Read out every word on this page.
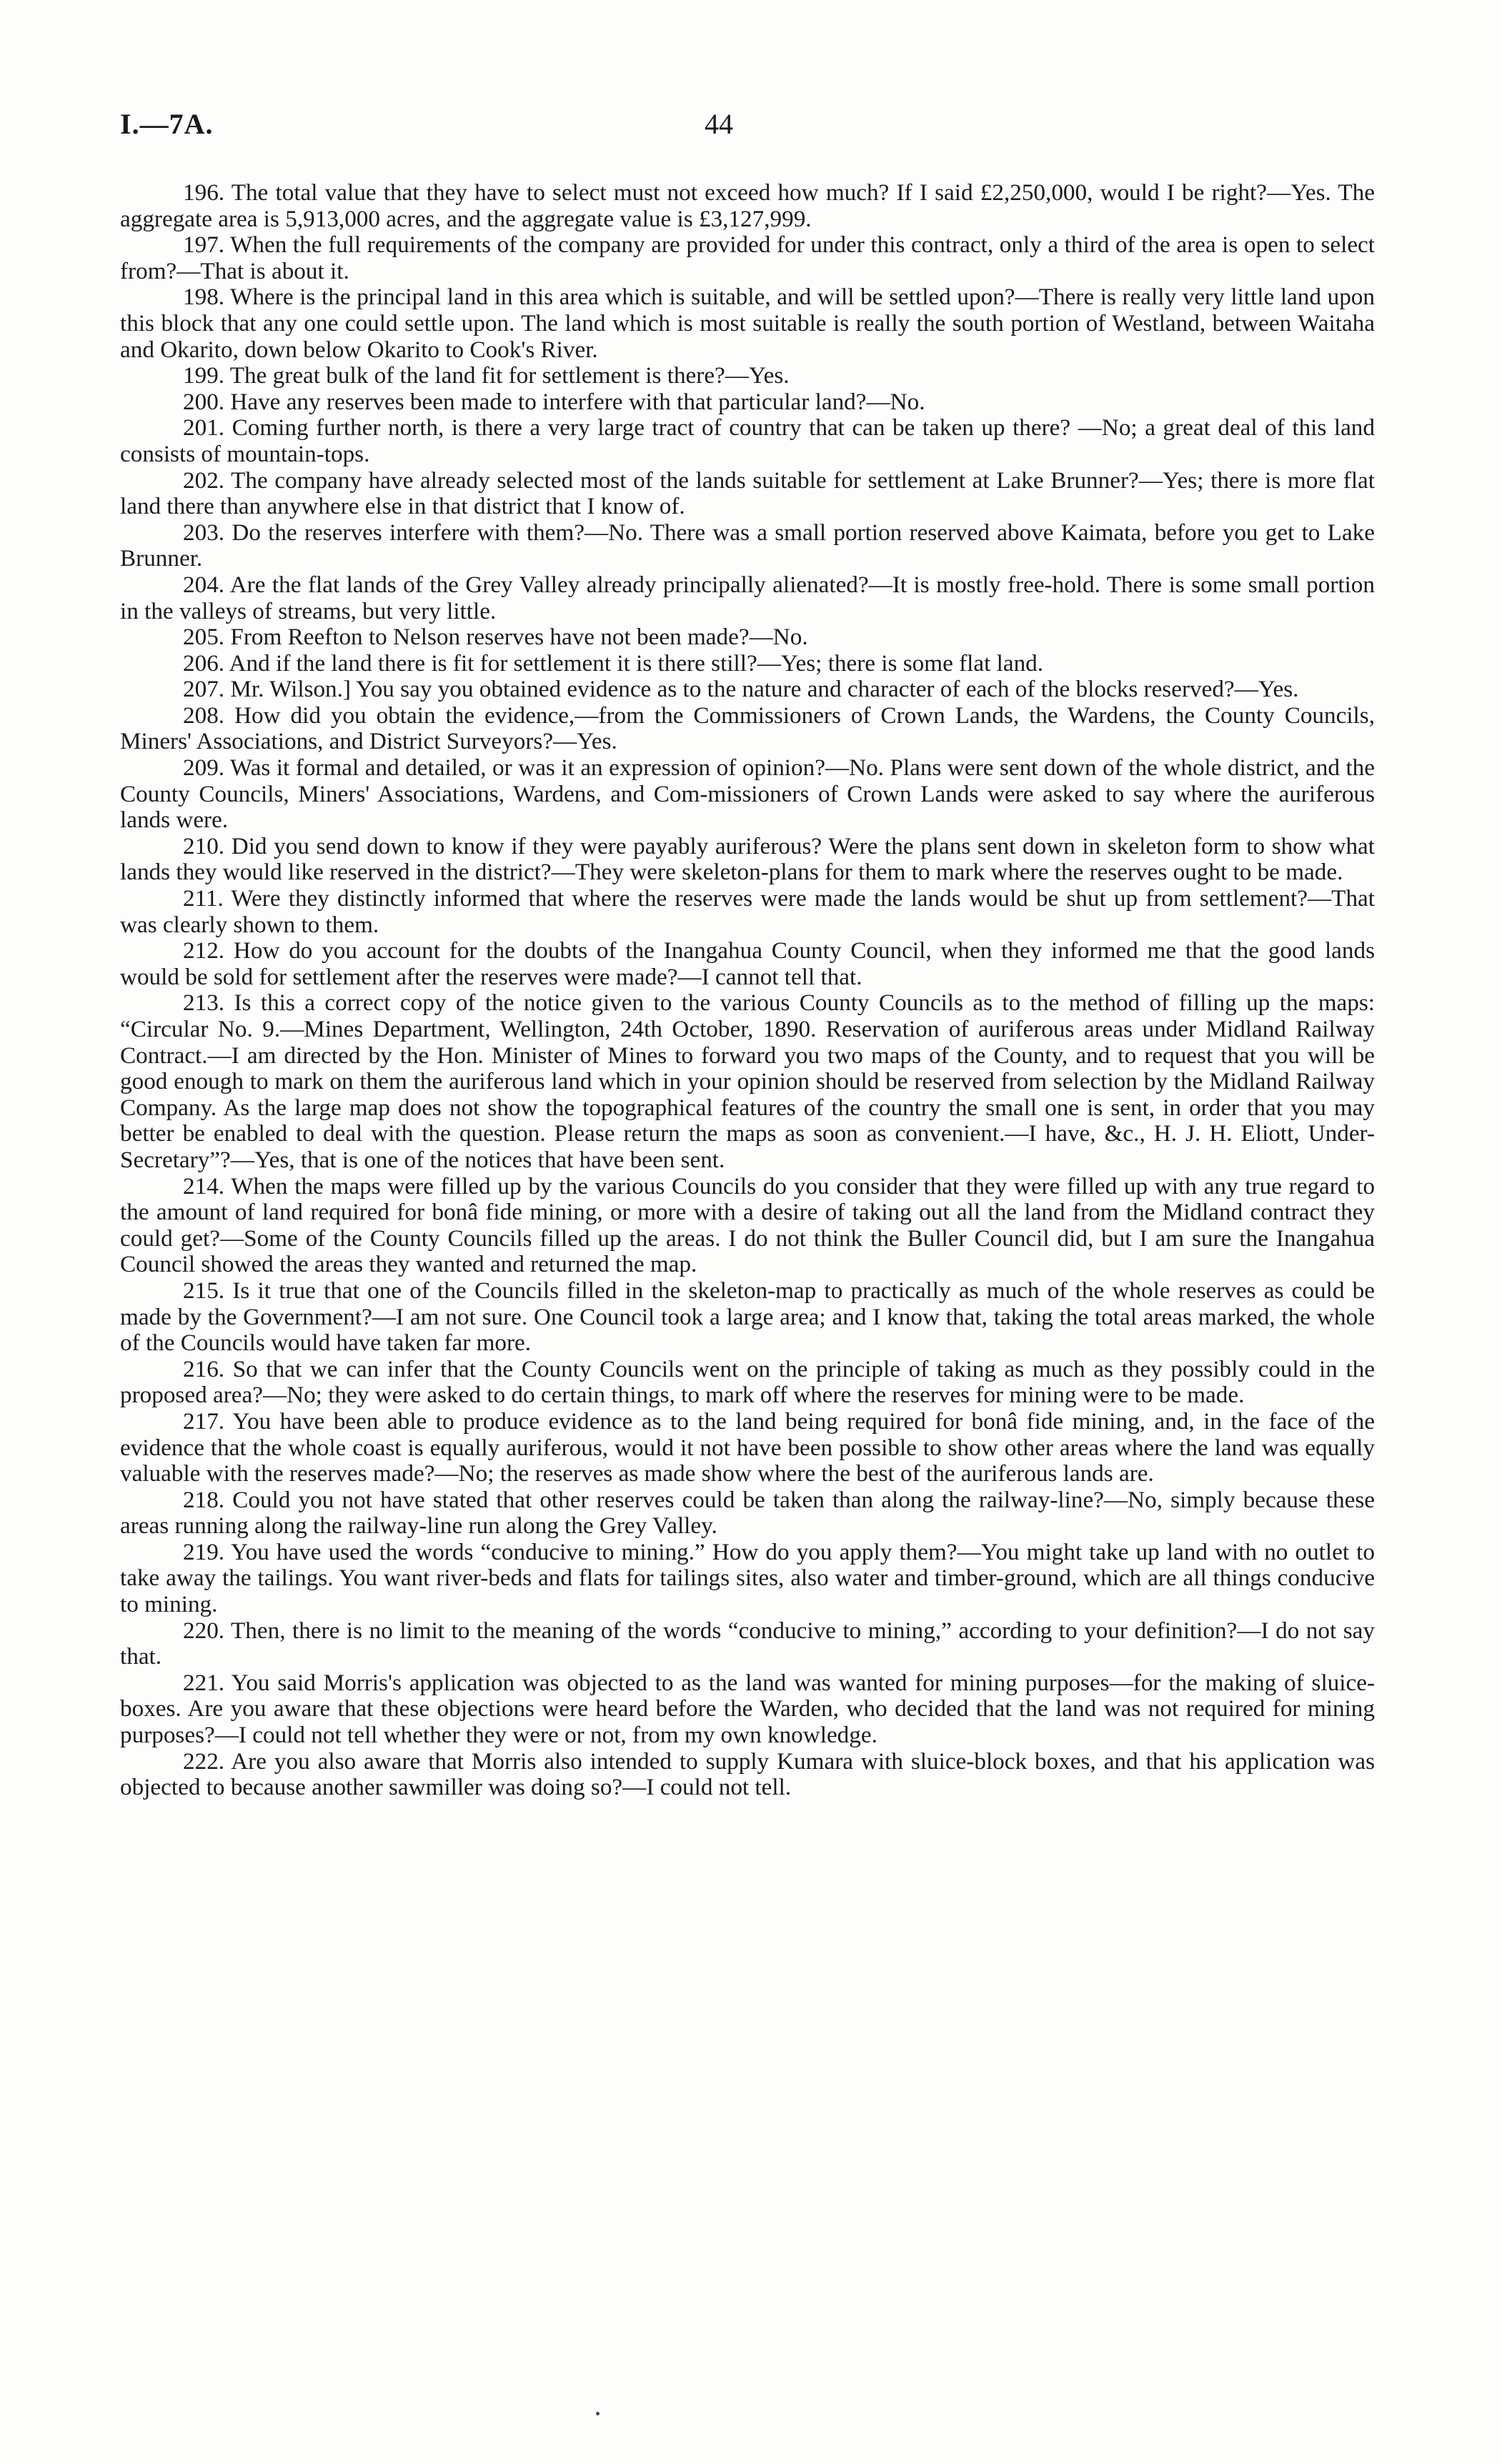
I.—7A.	44

196. The total value that they have to select must not exceed how much? If I said £2,250,000, would I be right?—Yes. The aggregate area is 5,913,000 acres, and the aggregate value is £3,127,999.

197. When the full requirements of the company are provided for under this contract, only a third of the area is open to select from?—That is about it.

198. Where is the principal land in this area which is suitable, and will be settled upon?—There is really very little land upon this block that any one could settle upon. The land which is most suitable is really the south portion of Westland, between Waitaha and Okarito, down below Okarito to Cook's River.

199. The great bulk of the land fit for settlement is there?—Yes.

200. Have any reserves been made to interfere with that particular land?—No.

201. Coming further north, is there a very large tract of country that can be taken up there? —No; a great deal of this land consists of mountain-tops.

202. The company have already selected most of the lands suitable for settlement at Lake Brunner?—Yes; there is more flat land there than anywhere else in that district that I know of.

203. Do the reserves interfere with them?—No. There was a small portion reserved above Kaimata, before you get to Lake Brunner.

204. Are the flat lands of the Grey Valley already principally alienated?—It is mostly free-hold. There is some small portion in the valleys of streams, but very little.

205. From Reefton to Nelson reserves have not been made?—No.

206. And if the land there is fit for settlement it is there still?—Yes; there is some flat land.

207. Mr. Wilson.] You say you obtained evidence as to the nature and character of each of the blocks reserved?—Yes.

208. How did you obtain the evidence,—from the Commissioners of Crown Lands, the Wardens, the County Councils, Miners' Associations, and District Surveyors?—Yes.

209. Was it formal and detailed, or was it an expression of opinion?—No. Plans were sent down of the whole district, and the County Councils, Miners' Associations, Wardens, and Com-missioners of Crown Lands were asked to say where the auriferous lands were.

210. Did you send down to know if they were payably auriferous? Were the plans sent down in skeleton form to show what lands they would like reserved in the district?—They were skeleton-plans for them to mark where the reserves ought to be made.

211. Were they distinctly informed that where the reserves were made the lands would be shut up from settlement?—That was clearly shown to them.

212. How do you account for the doubts of the Inangahua County Council, when they informed me that the good lands would be sold for settlement after the reserves were made?—I cannot tell that.

213. Is this a correct copy of the notice given to the various County Councils as to the method of filling up the maps: “Circular No. 9.—Mines Department, Wellington, 24th October, 1890. Reservation of auriferous areas under Midland Railway Contract.—I am directed by the Hon. Minister of Mines to forward you two maps of the County, and to request that you will be good enough to mark on them the auriferous land which in your opinion should be reserved from selection by the Midland Railway Company. As the large map does not show the topographical features of the country the small one is sent, in order that you may better be enabled to deal with the question. Please return the maps as soon as convenient.—I have, &c., H. J. H. Eliott, Under-Secretary”?—Yes, that is one of the notices that have been sent.

214. When the maps were filled up by the various Councils do you consider that they were filled up with any true regard to the amount of land required for bonâ fide mining, or more with a desire of taking out all the land from the Midland contract they could get?—Some of the County Councils filled up the areas. I do not think the Buller Council did, but I am sure the Inangahua Council showed the areas they wanted and returned the map.

215. Is it true that one of the Councils filled in the skeleton-map to practically as much of the whole reserves as could be made by the Government?—I am not sure. One Council took a large area; and I know that, taking the total areas marked, the whole of the Councils would have taken far more.

216. So that we can infer that the County Councils went on the principle of taking as much as they possibly could in the proposed area?—No; they were asked to do certain things, to mark off where the reserves for mining were to be made.

217. You have been able to produce evidence as to the land being required for bonâ fide mining, and, in the face of the evidence that the whole coast is equally auriferous, would it not have been possible to show other areas where the land was equally valuable with the reserves made?—No; the reserves as made show where the best of the auriferous lands are.

218. Could you not have stated that other reserves could be taken than along the railway-line?—No, simply because these areas running along the railway-line run along the Grey Valley.

219. You have used the words “conducive to mining.” How do you apply them?—You might take up land with no outlet to take away the tailings. You want river-beds and flats for tailings sites, also water and timber-ground, which are all things conducive to mining.

220. Then, there is no limit to the meaning of the words “conducive to mining,” according to your definition?—I do not say that.

221. You said Morris's application was objected to as the land was wanted for mining purposes—for the making of sluice-boxes. Are you aware that these objections were heard before the Warden, who decided that the land was not required for mining purposes?—I could not tell whether they were or not, from my own knowledge.

222. Are you also aware that Morris also intended to supply Kumara with sluice-block boxes, and that his application was objected to because another sawmiller was doing so?—I could not tell.
